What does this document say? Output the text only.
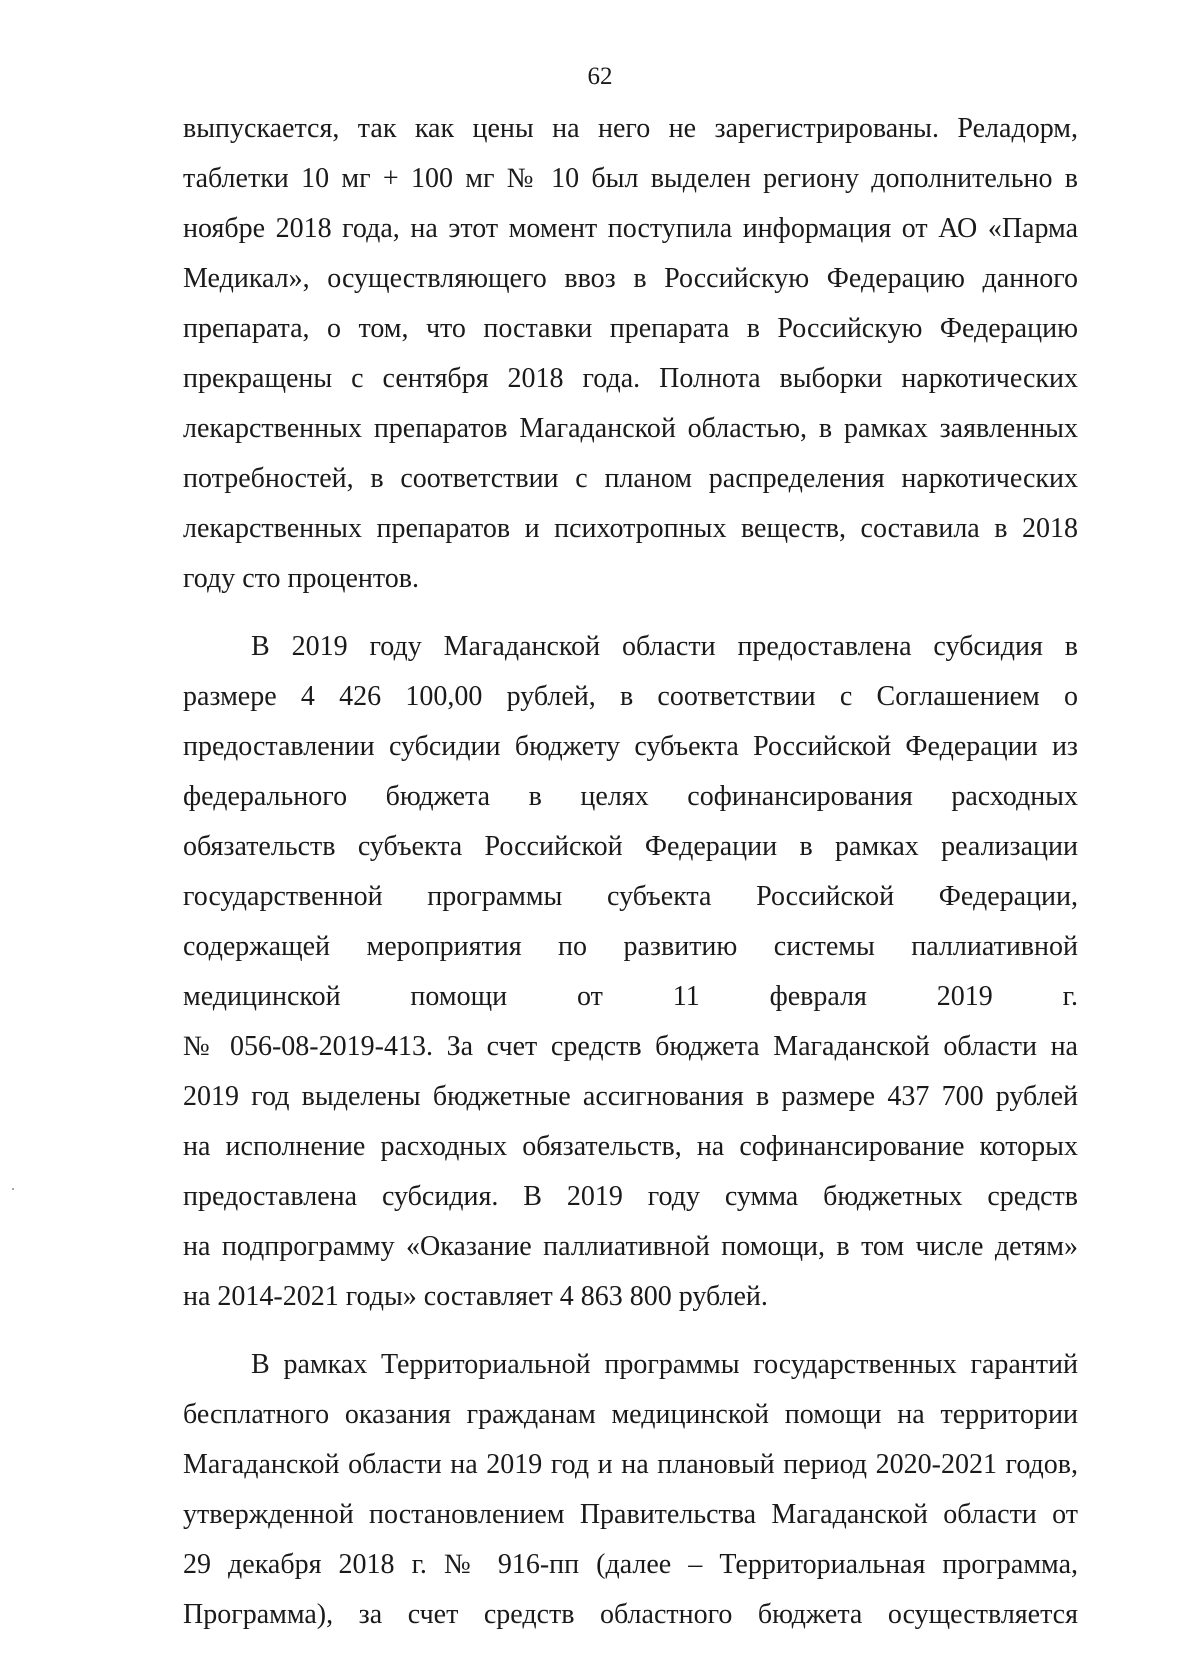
62
выпускается, так как цены на него не зарегистрированы. Реладорм,
таблетки 10 мг + 100 мг № 10 был выделен региону дополнительно в
ноябре 2018 года, на этот момент поступила информация от АО «Парма
Медикал», осуществляющего ввоз в Российскую Федерацию данного
препарата, о том, что поставки препарата в Российскую Федерацию
прекращены с сентября 2018 года. Полнота выборки наркотических
лекарственных препаратов Магаданской областью, в рамках заявленных
потребностей, в соответствии с планом распределения наркотических
лекарственных препаратов и психотропных веществ, составила в 2018
году сто процентов.
В 2019 году Магаданской области предоставлена субсидия в
размере 4 426 100,00 рублей, в соответствии с Соглашением о
предоставлении субсидии бюджету субъекта Российской Федерации из
федерального бюджета в целях софинансирования расходных
обязательств субъекта Российской Федерации в рамках реализации
государственной программы субъекта Российской Федерации,
содержащей мероприятия по развитию системы паллиативной
медицинской помощи от 11 февраля 2019 г.
№ 056-08-2019-413. За счет средств бюджета Магаданской области на
2019 год выделены бюджетные ассигнования в размере 437 700 рублей
на исполнение расходных обязательств, на софинансирование которых
предоставлена субсидия. В 2019 году сумма бюджетных средств
на подпрограмму «Оказание паллиативной помощи, в том числе детям»
на 2014-2021 годы» составляет 4 863 800 рублей.
В рамках Территориальной программы государственных гарантий
бесплатного оказания гражданам медицинской помощи на территории
Магаданской области на 2019 год и на плановый период 2020-2021 годов,
утвержденной постановлением Правительства Магаданской области от
29 декабря 2018 г. № 916-пп (далее – Территориальная программа,
Программа), за счет средств областного бюджета осуществляется
